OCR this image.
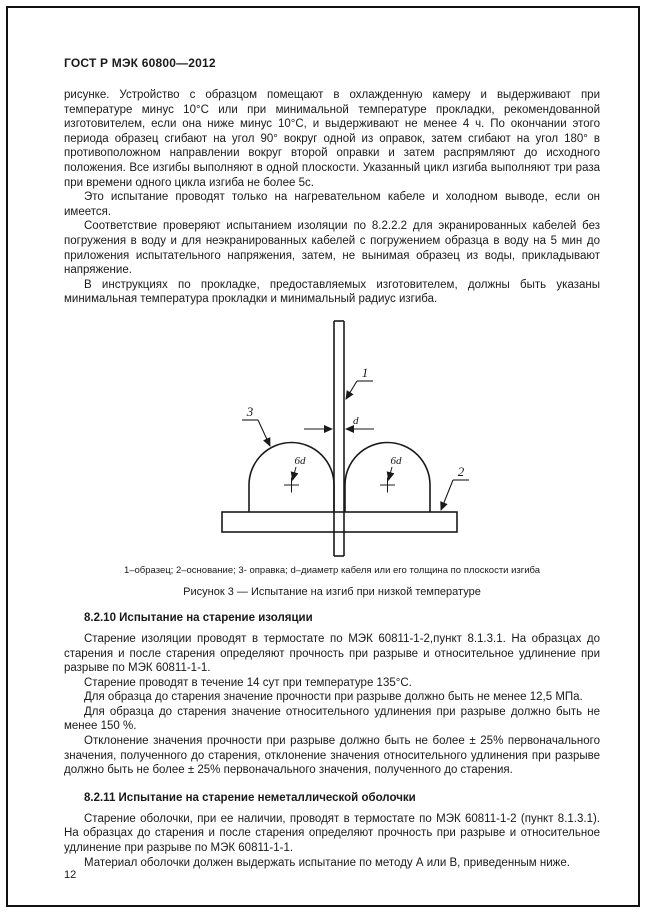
ГОСТ Р МЭК 60800—2012

рисунке. Устройство с образцом помещают в охлажденную камеру и выдерживают при температуре минус 10°С или при минимальной температуре прокладки, рекомендованной изготовителем, если она ниже минус 10°С, и выдерживают не менее 4 ч. По окончании этого периода образец сгибают на угол 90° вокруг одной из оправок, затем сгибают на угол 180° в противоположном направлении вокруг второй оправки и затем распрямляют до исходного положения. Все изгибы выполняют в одной плоскости. Указанный цикл изгиба выполняют три раза при времени одного цикла изгиба не более 5с.

Это испытание проводят только на нагревательном кабеле и холодном выводе, если он имеется.

Соответствие проверяют испытанием изоляции по 8.2.2.2 для экранированных кабелей без погружения в воду и для неэкранированных кабелей с погружением образца в воду на 5 мин до приложения испытательного напряжения, затем, не вынимая образец из воды, прикладывают напряжение.

В инструкциях по прокладке, предоставляемых изготовителем, должны быть указаны минимальная температура прокладки и минимальный радиус изгиба.

1
d
6d	6d
3
2

1–образец; 2–основание; 3- оправка; d–диаметр кабеля или его толщина по плоскости изгиба

Рисунок 3 — Испытание на изгиб при низкой температуре

8.2.10 Испытание на старение изоляции

Старение изоляции проводят в термостате по МЭК 60811-1-2,пункт 8.1.3.1. На образцах до старения и после старения определяют прочность при разрыве и относительное удлинение при разрыве по МЭК 60811-1-1.

Старение проводят в течение 14 сут при температуре 135°С.

Для образца до старения значение прочности при разрыве должно быть не менее 12,5 МПа.

Для образца до старения значение относительного удлинения при разрыве должно быть не менее 150 %.

Отклонение значения прочности при разрыве должно быть не более ± 25% первоначального значения, полученного до старения, отклонение значения относительного удлинения при разрыве должно быть не более ± 25% первоначального значения, полученного до старения.

8.2.11 Испытание на старение неметаллической оболочки

Старение оболочки, при ее наличии, проводят в термостате по МЭК 60811-1-2 (пункт 8.1.3.1). На образцах до старения и после старения определяют прочность при разрыве и относительное удлинение при разрыве по МЭК 60811-1-1.

Материал оболочки должен выдержать испытание по методу А или В, приведенным ниже.

12
